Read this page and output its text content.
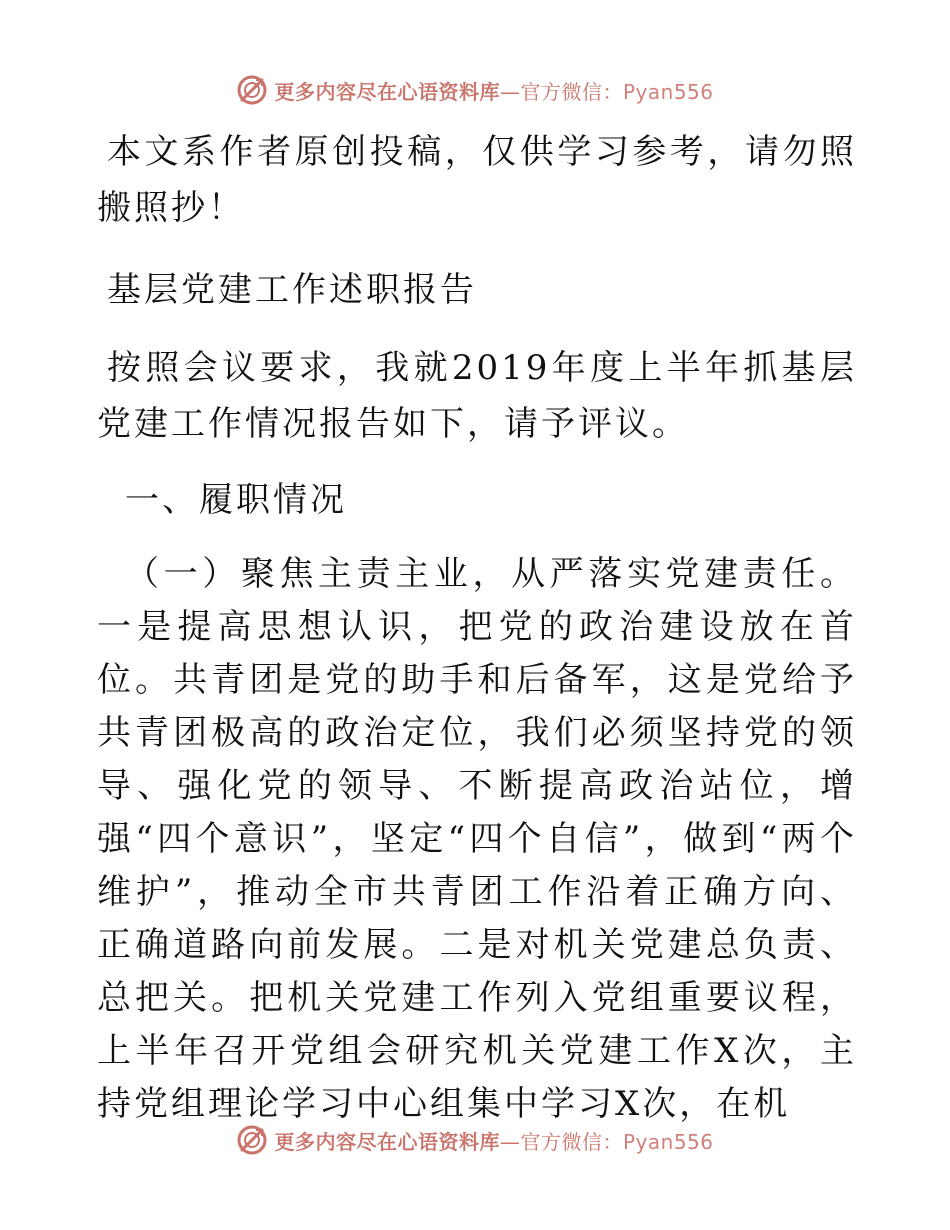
更多内容尽在心语资料库—官方微信：Pyan556

本文系作者原创投稿，仅供学习参考，请勿照搬照抄！

基层党建工作述职报告

按照会议要求，我就2019年度上半年抓基层党建工作情况报告如下，请予评议。

一、履职情况

（一）聚焦主责主业，从严落实党建责任。一是提高思想认识，把党的政治建设放在首位。共青团是党的助手和后备军，这是党给予共青团极高的政治定位，我们必须坚持党的领导、强化党的领导、不断提高政治站位，增强“四个意识”，坚定“四个自信”，做到“两个维护”，推动全市共青团工作沿着正确方向、正确道路向前发展。二是对机关党建总负责、总把关。把机关党建工作列入党组重要议程，上半年召开党组会研究机关党建工作X次，主持党组理论学习中心组集中学习X次，在机

更多内容尽在心语资料库—官方微信：Pyan556
